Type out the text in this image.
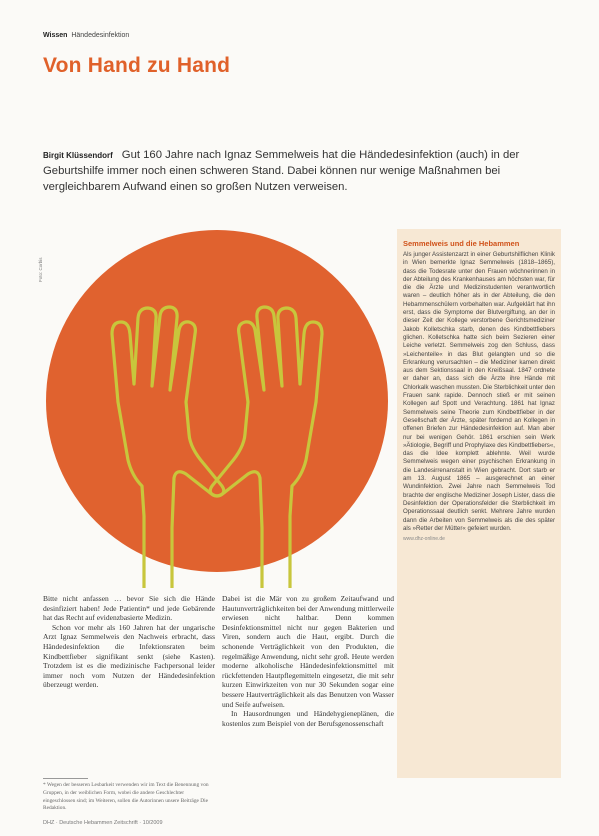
Wissen Händedesinfektion
Von Hand zu Hand
Birgit Klüssendorf Gut 160 Jahre nach Ignaz Semmelweis hat die Händedesinfektion (auch) in der Geburtshilfe immer noch einen schweren Stand. Dabei können nur wenige Maßnahmen bei vergleichbarem Aufwand einen so großen Nutzen verweisen.
Foto: Corbis
Semmelweis und die Hebammen
Als junger Assistenzarzt in einer Geburtshilflichen Klinik in Wien bemerkte Ignaz Semmelweis (1818–1865), dass die Todesrate unter den Frauen wöchnerinnen in der Abteilung des Krankenhauses am höchsten war, für die die Ärzte und Medizinstudenten verantwortlich waren – deutlich höher als in der Abteilung, die den Hebammenschülern vorbehalten war. Aufgeklärt hat ihn erst, dass die Symptome der Blutvergiftung, an der in dieser Zeit der Kollege verstorbene Gerichtsmediziner Jakob Kolletschka starb, denen des Kindbettfiebers glichen. Kolletschka hatte sich beim Sezieren einer Leiche verletzt. Semmelweis zog den Schluss, dass »Leichenteile« in das Blut gelangten und so die Erkrankung verursachten – die Mediziner kamen direkt aus dem Sektionssaal in den Kreißsaal. 1847 ordnete er daher an, dass sich die Ärzte ihre Hände mit Chlorkalk waschen mussten. Die Sterblichkeit unter den Frauen sank rapide. Dennoch stieß er mit seinen Kollegen auf Spott und Verachtung. 1861 hat Ignaz Semmelweis seine Theorie zum Kindbettfieber in der Gesellschaft der Ärzte, später fordernd an Kollegen in offenen Briefen zur Händedesinfektion auf. Man aber nur bei wenigen Gehör. 1861 erschien sein Werk »Ätiologie, Begriff und Prophylaxe des Kindbettfiebers«, das die Idee komplett ablehnte. Weil wurde Semmelweis wegen einer psychischen Erkrankung in die Landesirrenanstalt in Wien gebracht. Dort starb er am 13. August 1865 – ausgerechnet an einer Wundinfektion. Zwei Jahre nach Semmelweis Tod brachte der englische Mediziner Joseph Lister, dass die Desinfektion der Operationsfelder die Sterblichkeit im Operationssaal deutlich senkt. Mehrere Jahre wurden dann die Arbeiten von Semmelweis als die des später als »Retter der Mütter« gefeiert wurden.
www.dhz-online.de

Bitte nicht anfassen … bevor Sie sich die Hände desinfiziert haben! Jede Patientin* und jede Gebärende hat das Recht auf evidenzbasierte Medizin.

Schon vor mehr als 160 Jahren hat der ungarische Arzt Ignaz Semmelweis den Nachweis erbracht, dass Händedesinfektion die Infektionsraten beim Kindbettfieber signifikant senkt (siehe Kasten). Trotzdem ist es die medizinische Fachpersonal leider immer noch vom Nutzen der Händedesinfektion überzeugt werden.

Dabei ist die Mär von zu großem Zeitaufwand und Hautunverträglichkeiten bei der Anwendung mittlerweile erwiesen nicht haltbar. Denn kommen Desinfektionsmittel nicht nur gegen Bakterien und Viren, sondern auch die Haut, ergibt. Durch die schonende Verträglichkeit von den Produkten, die regelmäßige Anwendung, nicht sehr groß. Heute werden moderne alkoholische Händedesinfektionsmittel mit rückfettenden Hautpflegemitteln eingesetzt, die mit sehr kurzen Einwirkzeiten von nur 30 Sekunden sogar eine bessere Hautverträglichkeit als das Benutzen von Wasser und Seife aufweisen.

In Hausordnungen und Händehygieneplänen, die kostenlos zum Beispiel von der Berufsgenossenschaft

* Wegen der besseren Lesbarkeit verwenden wir im Text die Benennung von Gruppen, in der weiblichen Form, wobei die andere Geschlechter eingeschlossen sind; im Weiteren, sollen die Autorinnen unsere Beiträge Die Redaktion.
DHZ · Deutsche Hebammen Zeitschrift · 10/2009
